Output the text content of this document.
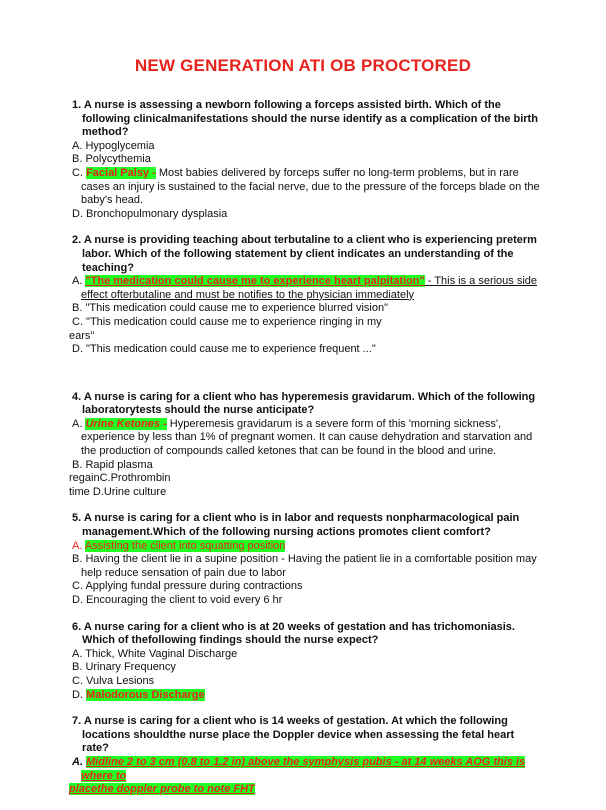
NEW GENERATION ATI OB PROCTORED
1. A nurse is assessing a newborn following a forceps assisted birth. Which of the following clinicalmanifestations should the nurse identify as a complication of the birth method?
A. Hypoglycemia
B. Polycythemia
C. Facial Palsy - Most babies delivered by forceps suffer no long-term problems, but in rare cases an injury is sustained to the facial nerve, due to the pressure of the forceps blade on the baby's head.
D. Bronchopulmonary dysplasia
2. A nurse is providing teaching about terbutaline to a client who is experiencing preterm labor. Which of the following statement by client indicates an understanding of the teaching?
A. "The medication could cause me to experience heart palpitation" - This is a serious side effect ofterbutaline and must be notifies to the physician immediately
B. "This medication could cause me to experience blurred vision"
C. "This medication could cause me to experience ringing in my
ears"
D. "This medication could cause me to experience frequent ..."
4. A nurse is caring for a client who has hyperemesis gravidarum. Which of the following laboratorytests should the nurse anticipate?
A. Urine Ketones - Hyperemesis gravidarum is a severe form of this 'morning sickness', experience by less than 1% of pregnant women. It can cause dehydration and starvation and the production of compounds called ketones that can be found in the blood and urine.
B. Rapid plasma
regainC.Prothrombin
time D.Urine culture
5. A nurse is caring for a client who is in labor and requests nonpharmacological pain management.Which of the following nursing actions promotes client comfort?
A. Assisting the client into squatting position
B. Having the client lie in a supine position - Having the patient lie in a comfortable position may help reduce sensation of pain due to labor
C. Applying fundal pressure during contractions
D. Encouraging the client to void every 6 hr
6. A nurse caring for a client who is at 20 weeks of gestation and has trichomoniasis. Which of thefollowing findings should the nurse expect?
A. Thick, White Vaginal Discharge
B. Urinary Frequency
C. Vulva Lesions
D. Malodorous Discharge
7. A nurse is caring for a client who is 14 weeks of gestation. At which the following locations shouldthe nurse place the Doppler device when assessing the fetal heart rate?
A. Midline 2 to 3 cm (0.8 to 1.2 in) above the symphysis pubis - at 14 weeks AOG this is where to
placethe doppler probe to note FHT
